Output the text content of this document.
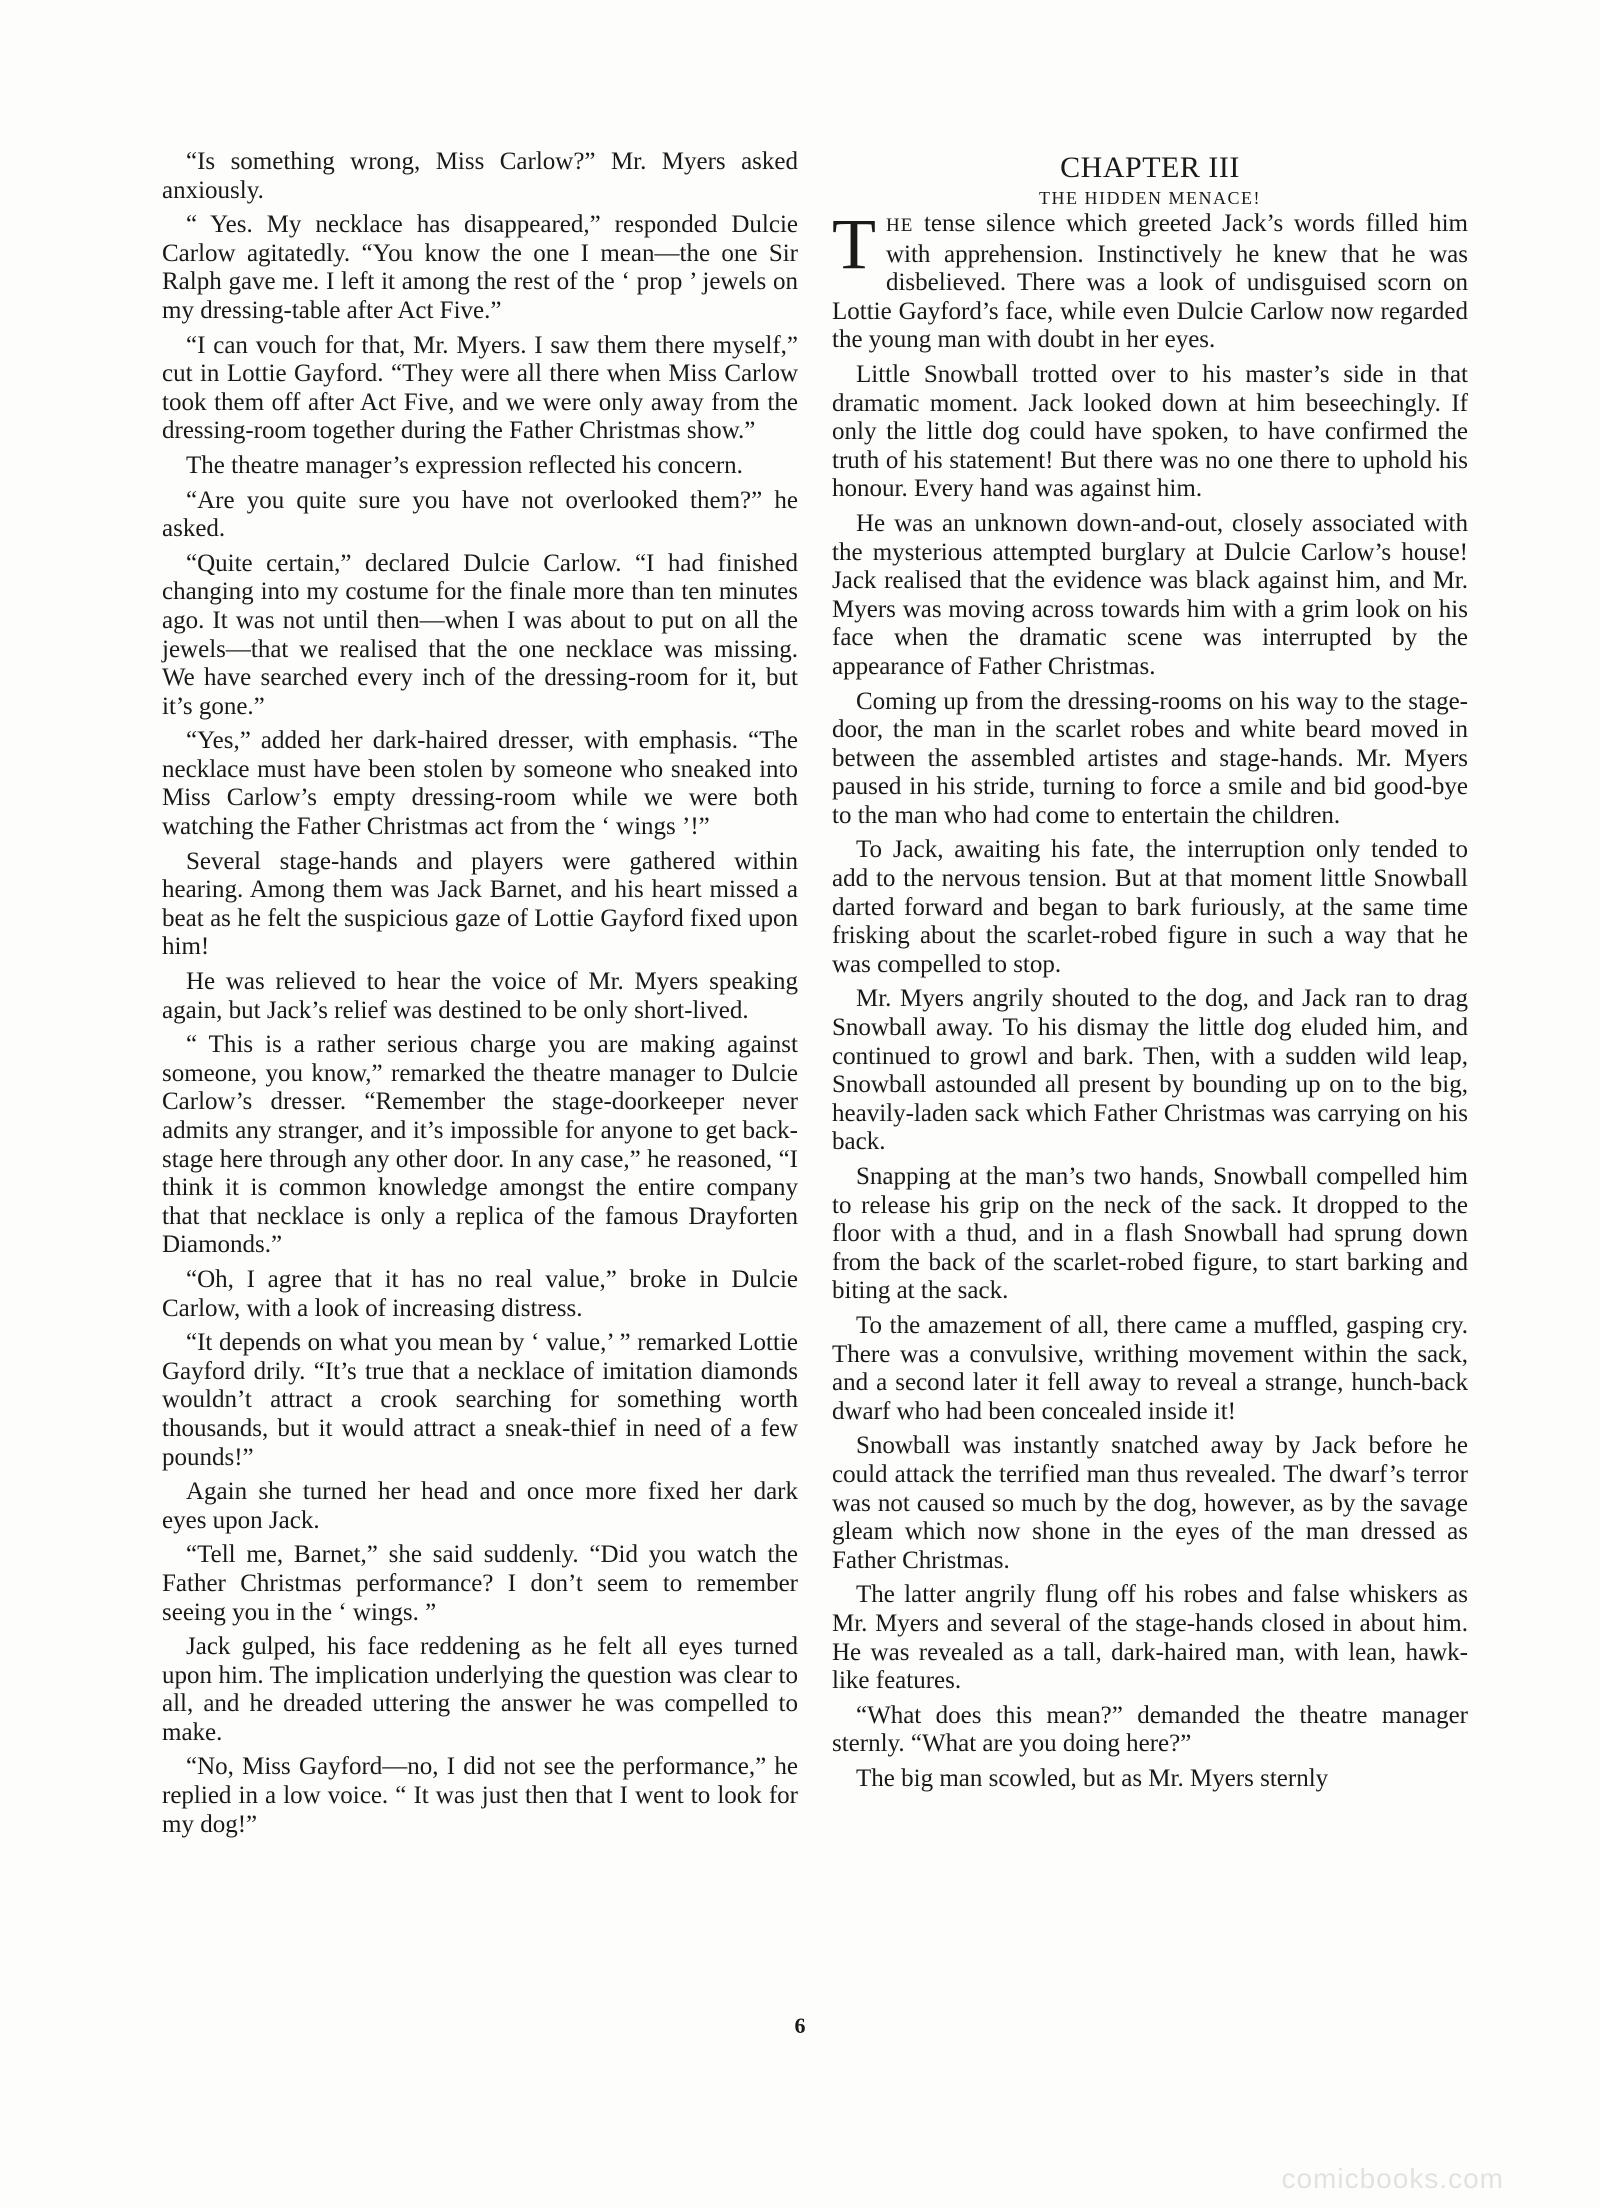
“Is something wrong, Miss Carlow?” Mr. Myers asked anxiously.

“ Yes. My necklace has disappeared,” responded Dulcie Carlow agitatedly. “You know the one I mean—the one Sir Ralph gave me. I left it among the rest of the ‘ prop ’ jewels on my dressing-table after Act Five.”

“I can vouch for that, Mr. Myers. I saw them there myself,” cut in Lottie Gayford. “They were all there when Miss Carlow took them off after Act Five, and we were only away from the dressing-room together during the Father Christmas show.”

The theatre manager’s expression reflected his concern.

“Are you quite sure you have not overlooked them?” he asked.

“Quite certain,” declared Dulcie Carlow. “I had finished changing into my costume for the finale more than ten minutes ago. It was not until then—when I was about to put on all the jewels—that we realised that the one necklace was missing. We have searched every inch of the dressing-room for it, but it’s gone.”

“Yes,” added her dark-haired dresser, with emphasis. “The necklace must have been stolen by someone who sneaked into Miss Carlow’s empty dressing-room while we were both watching the Father Christmas act from the ‘ wings ’!”

Several stage-hands and players were gathered within hearing. Among them was Jack Barnet, and his heart missed a beat as he felt the suspicious gaze of Lottie Gayford fixed upon him!

He was relieved to hear the voice of Mr. Myers speaking again, but Jack’s relief was destined to be only short-lived.

“ This is a rather serious charge you are making against someone, you know,” remarked the theatre manager to Dulcie Carlow’s dresser. “Remember the stage-doorkeeper never admits any stranger, and it’s impossible for anyone to get back-stage here through any other door. In any case,” he reasoned, “I think it is common knowledge amongst the entire company that that necklace is only a replica of the famous Drayforten Diamonds.”

“Oh, I agree that it has no real value,” broke in Dulcie Carlow, with a look of increasing distress.

“It depends on what you mean by ‘ value,’ ” remarked Lottie Gayford drily. “It’s true that a necklace of imitation diamonds wouldn’t attract a crook searching for something worth thousands, but it would attract a sneak-thief in need of a few pounds!”

Again she turned her head and once more fixed her dark eyes upon Jack.

“Tell me, Barnet,” she said suddenly. “Did you watch the Father Christmas performance? I don’t seem to remember seeing you in the ‘ wings. ”

Jack gulped, his face reddening as he felt all eyes turned upon him. The implication underlying the question was clear to all, and he dreaded uttering the answer he was compelled to make.

“No, Miss Gayford—no, I did not see the performance,” he replied in a low voice. “ It was just then that I went to look for my dog!”

CHAPTER III
THE HIDDEN MENACE!

THE tense silence which greeted Jack’s words filled him with apprehension. Instinctively he knew that he was disbelieved. There was a look of undisguised scorn on Lottie Gayford’s face, while even Dulcie Carlow now regarded the young man with doubt in her eyes.

Little Snowball trotted over to his master’s side in that dramatic moment. Jack looked down at him beseechingly. If only the little dog could have spoken, to have confirmed the truth of his statement! But there was no one there to uphold his honour. Every hand was against him.

He was an unknown down-and-out, closely associated with the mysterious attempted burglary at Dulcie Carlow’s house! Jack realised that the evidence was black against him, and Mr. Myers was moving across towards him with a grim look on his face when the dramatic scene was interrupted by the appearance of Father Christmas.

Coming up from the dressing-rooms on his way to the stage-door, the man in the scarlet robes and white beard moved in between the assembled artistes and stage-hands. Mr. Myers paused in his stride, turning to force a smile and bid good-bye to the man who had come to entertain the children.

To Jack, awaiting his fate, the interruption only tended to add to the nervous tension. But at that moment little Snowball darted forward and began to bark furiously, at the same time frisking about the scarlet-robed figure in such a way that he was compelled to stop.

Mr. Myers angrily shouted to the dog, and Jack ran to drag Snowball away. To his dismay the little dog eluded him, and continued to growl and bark. Then, with a sudden wild leap, Snowball astounded all present by bounding up on to the big, heavily-laden sack which Father Christmas was carrying on his back.

Snapping at the man’s two hands, Snowball compelled him to release his grip on the neck of the sack. It dropped to the floor with a thud, and in a flash Snowball had sprung down from the back of the scarlet-robed figure, to start barking and biting at the sack.

To the amazement of all, there came a muffled, gasping cry. There was a convulsive, writhing movement within the sack, and a second later it fell away to reveal a strange, hunch-back dwarf who had been concealed inside it!

Snowball was instantly snatched away by Jack before he could attack the terrified man thus revealed. The dwarf’s terror was not caused so much by the dog, however, as by the savage gleam which now shone in the eyes of the man dressed as Father Christmas.

The latter angrily flung off his robes and false whiskers as Mr. Myers and several of the stage-hands closed in about him. He was revealed as a tall, dark-haired man, with lean, hawk-like features.

“What does this mean?” demanded the theatre manager sternly. “What are you doing here?”

The big man scowled, but as Mr. Myers sternly

6
comicbooks.com
